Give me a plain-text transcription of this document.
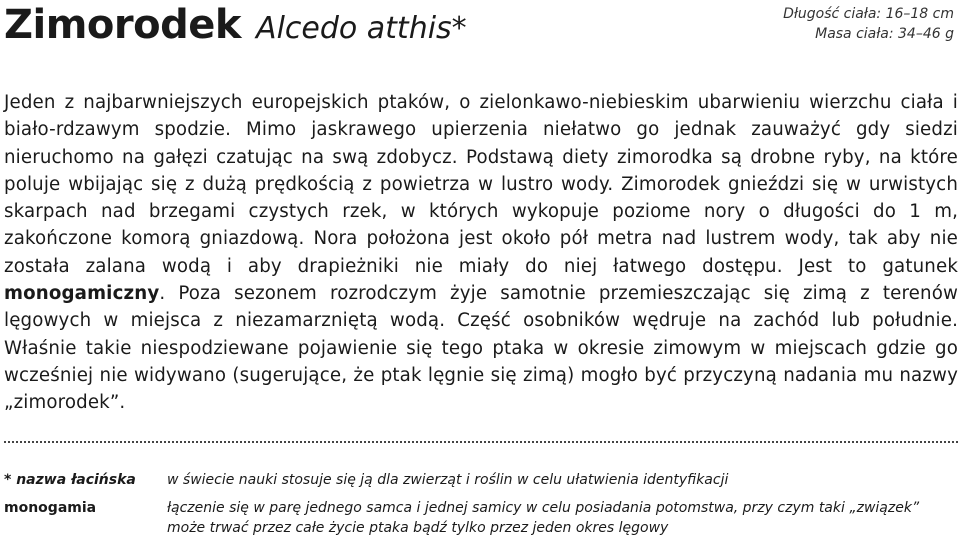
Zimorodek Alcedo atthis*	Długość ciała: 16–18 cm
Masa ciała: 34–46 g
Jeden z najbarwniejszych europejskich ptaków, o zielonkawo-niebieskim ubarwieniu wierzchu ciała i biało-rdzawym spodzie. Mimo jaskrawego upierzenia niełatwo go jednak zauważyć gdy siedzi nieruchomo na gałęzi czatując na swą zdobycz. Podstawą diety zimorodka są drobne ryby, na które poluje wbijając się z dużą prędkością z powietrza w lustro wody. Zimorodek gnieździ się w urwistych skarpach nad brzegami czystych rzek, w których wykopuje poziome nory o długości do 1 m, zakończone komorą gniazdową. Nora położona jest około pół metra nad lustrem wody, tak aby nie została zalana wodą i aby drapieżniki nie miały do niej łatwego dostępu. Jest to gatunek monogamiczny. Poza sezonem rozrodczym żyje samotnie przemieszczając się zimą z terenów lęgowych w miejsca z niezamarzniętą wodą. Część osobników wędruje na zachód lub południe. Właśnie takie niespodziewane pojawienie się tego ptaka w okresie zimowym w miejscach gdzie go wcześniej nie widywano (sugerujące, że ptak lęgnie się zimą) mogło być przyczyną nadania mu nazwy „zimorodek”.
* nazwa łacińska	w świecie nauki stosuje się ją dla zwierząt i roślin w celu ułatwienia identyfikacji
monogamia	łączenie się w parę jednego samca i jednej samicy w celu posiadania potomstwa, przy czym taki „związek” może trwać przez całe życie ptaka bądź tylko przez jeden okres lęgowy
